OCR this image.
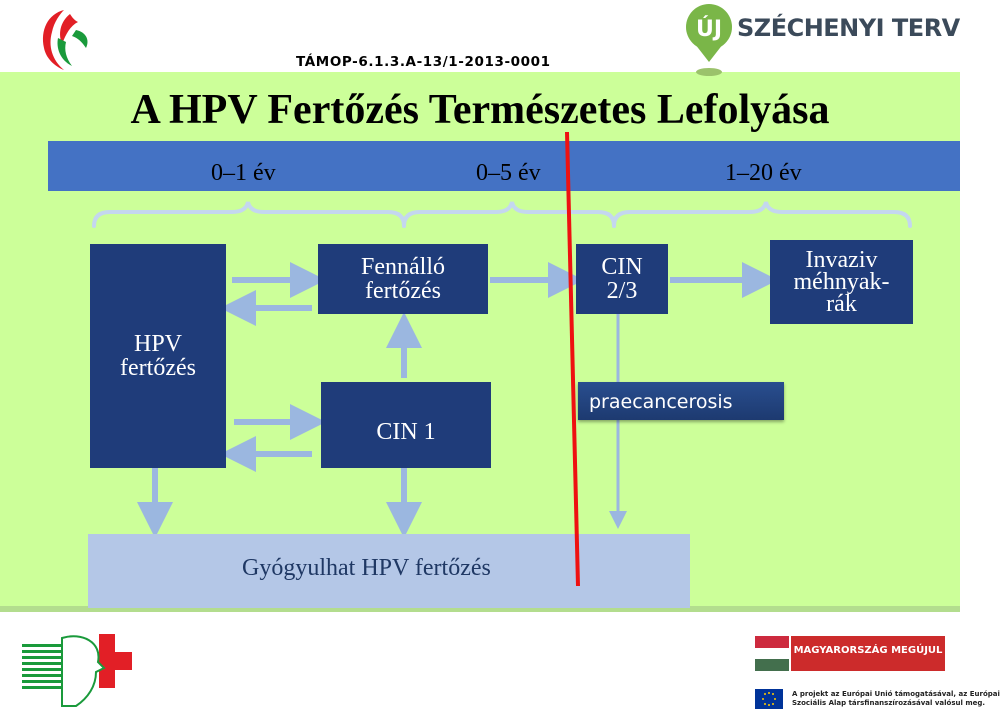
TÁMOP-6.1.3.A-13/1-2013-0001
ÚJ SZÉCHENYI TERV
A HPV Fertőzés Természetes Lefolyása
0–1 év	0–5 év	1–20 év
HPV
fertőzés
Fennálló
fertőzés
CIN
2/3
Invaziv
méhnyak-
rák
CIN 1
praecancerosis
Gyógyulhat HPV fertőzés
MAGYARORSZÁG MEGÚJUL
A projekt az Európai Unió támogatásával, az Európai
Szociális Alap társfinanszírozásával valósul meg.
